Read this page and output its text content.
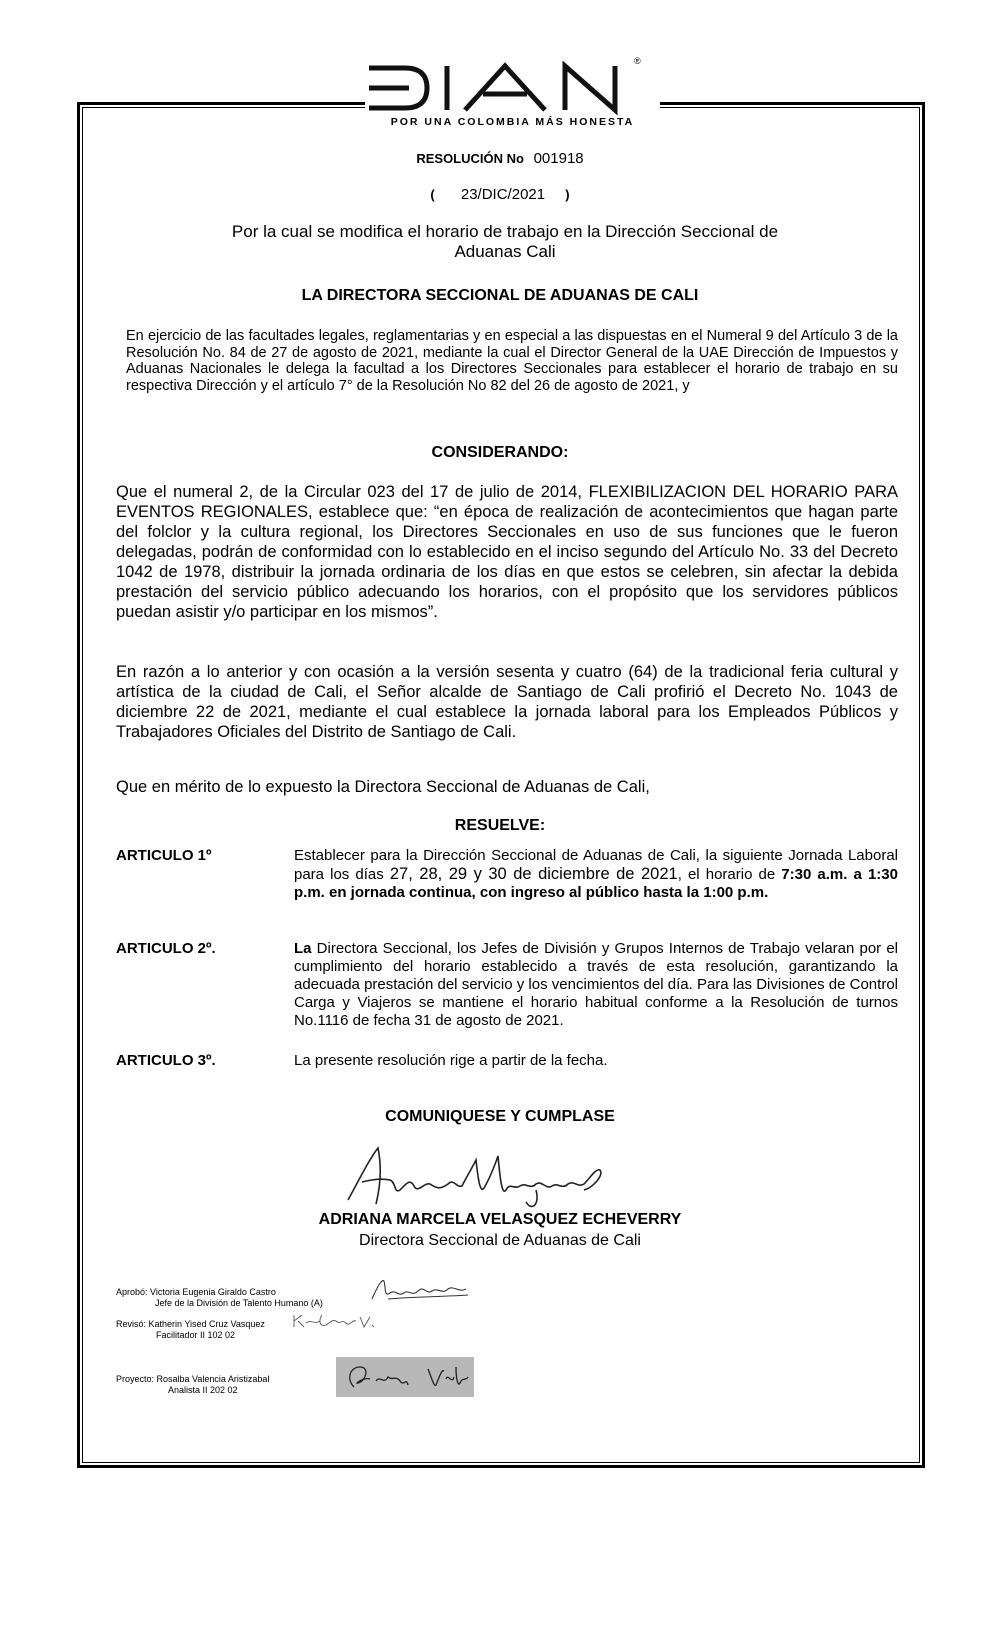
®
POR UNA COLOMBIA MÁS HONESTA
RESOLUCIÓN No 001918
( 23/DIC/2021 )
Por la cual se modifica el horario de trabajo en la Dirección Seccional de Aduanas Cali
LA DIRECTORA SECCIONAL DE ADUANAS DE CALI
En ejercicio de las facultades legales, reglamentarias y en especial a las dispuestas en el Numeral 9 del Artículo 3 de la Resolución No. 84 de 27 de agosto de 2021, mediante la cual el Director General de la UAE Dirección de Impuestos y Aduanas Nacionales le delega la facultad a los Directores Seccionales para establecer el horario de trabajo en su respectiva Dirección y el artículo 7° de la Resolución No 82 del 26 de agosto de 2021, y
CONSIDERANDO:
Que el numeral 2, de la Circular 023 del 17 de julio de 2014, FLEXIBILIZACION DEL HORARIO PARA EVENTOS REGIONALES, establece que: “en época de realización de acontecimientos que hagan parte del folclor y la cultura regional, los Directores Seccionales en uso de sus funciones que le fueron delegadas, podrán de conformidad con lo establecido en el inciso segundo del Artículo No. 33 del Decreto 1042 de 1978, distribuir la jornada ordinaria de los días en que estos se celebren, sin afectar la debida prestación del servicio público adecuando los horarios, con el propósito que los servidores públicos puedan asistir y/o participar en los mismos”.
En razón a lo anterior y con ocasión a la versión sesenta y cuatro (64) de la tradicional feria cultural y artística de la ciudad de Cali, el Señor alcalde de Santiago de Cali profirió el Decreto No. 1043 de diciembre 22 de 2021, mediante el cual establece la jornada laboral para los Empleados Públicos y Trabajadores Oficiales del Distrito de Santiago de Cali.
Que en mérito de lo expuesto la Directora Seccional de Aduanas de Cali,
RESUELVE:
ARTICULO 1º	Establecer para la Dirección Seccional de Aduanas de Cali, la siguiente Jornada Laboral para los días 27, 28, 29 y 30 de diciembre de 2021, el horario de 7:30 a.m. a 1:30 p.m. en jornada continua, con ingreso al público hasta la 1:00 p.m.
ARTICULO 2º.	La Directora Seccional, los Jefes de División y Grupos Internos de Trabajo velaran por el cumplimiento del horario establecido a través de esta resolución, garantizando la adecuada prestación del servicio y los vencimientos del día. Para las Divisiones de Control Carga y Viajeros se mantiene el horario habitual conforme a la Resolución de turnos No.1116 de fecha 31 de agosto de 2021.
ARTICULO 3º.	La presente resolución rige a partir de la fecha.
COMUNIQUESE Y CUMPLASE
ADRIANA MARCELA VELASQUEZ ECHEVERRY
Directora Seccional de Aduanas de Cali
Aprobó: Victoria Eugenia Giraldo Castro
Jefe de la División de Talento Humano (A)
Revisó: Katherin Yised Cruz Vasquez
Facilitador II 102 02
Proyecto: Rosalba Valencia Aristizabal
Analista II 202 02
